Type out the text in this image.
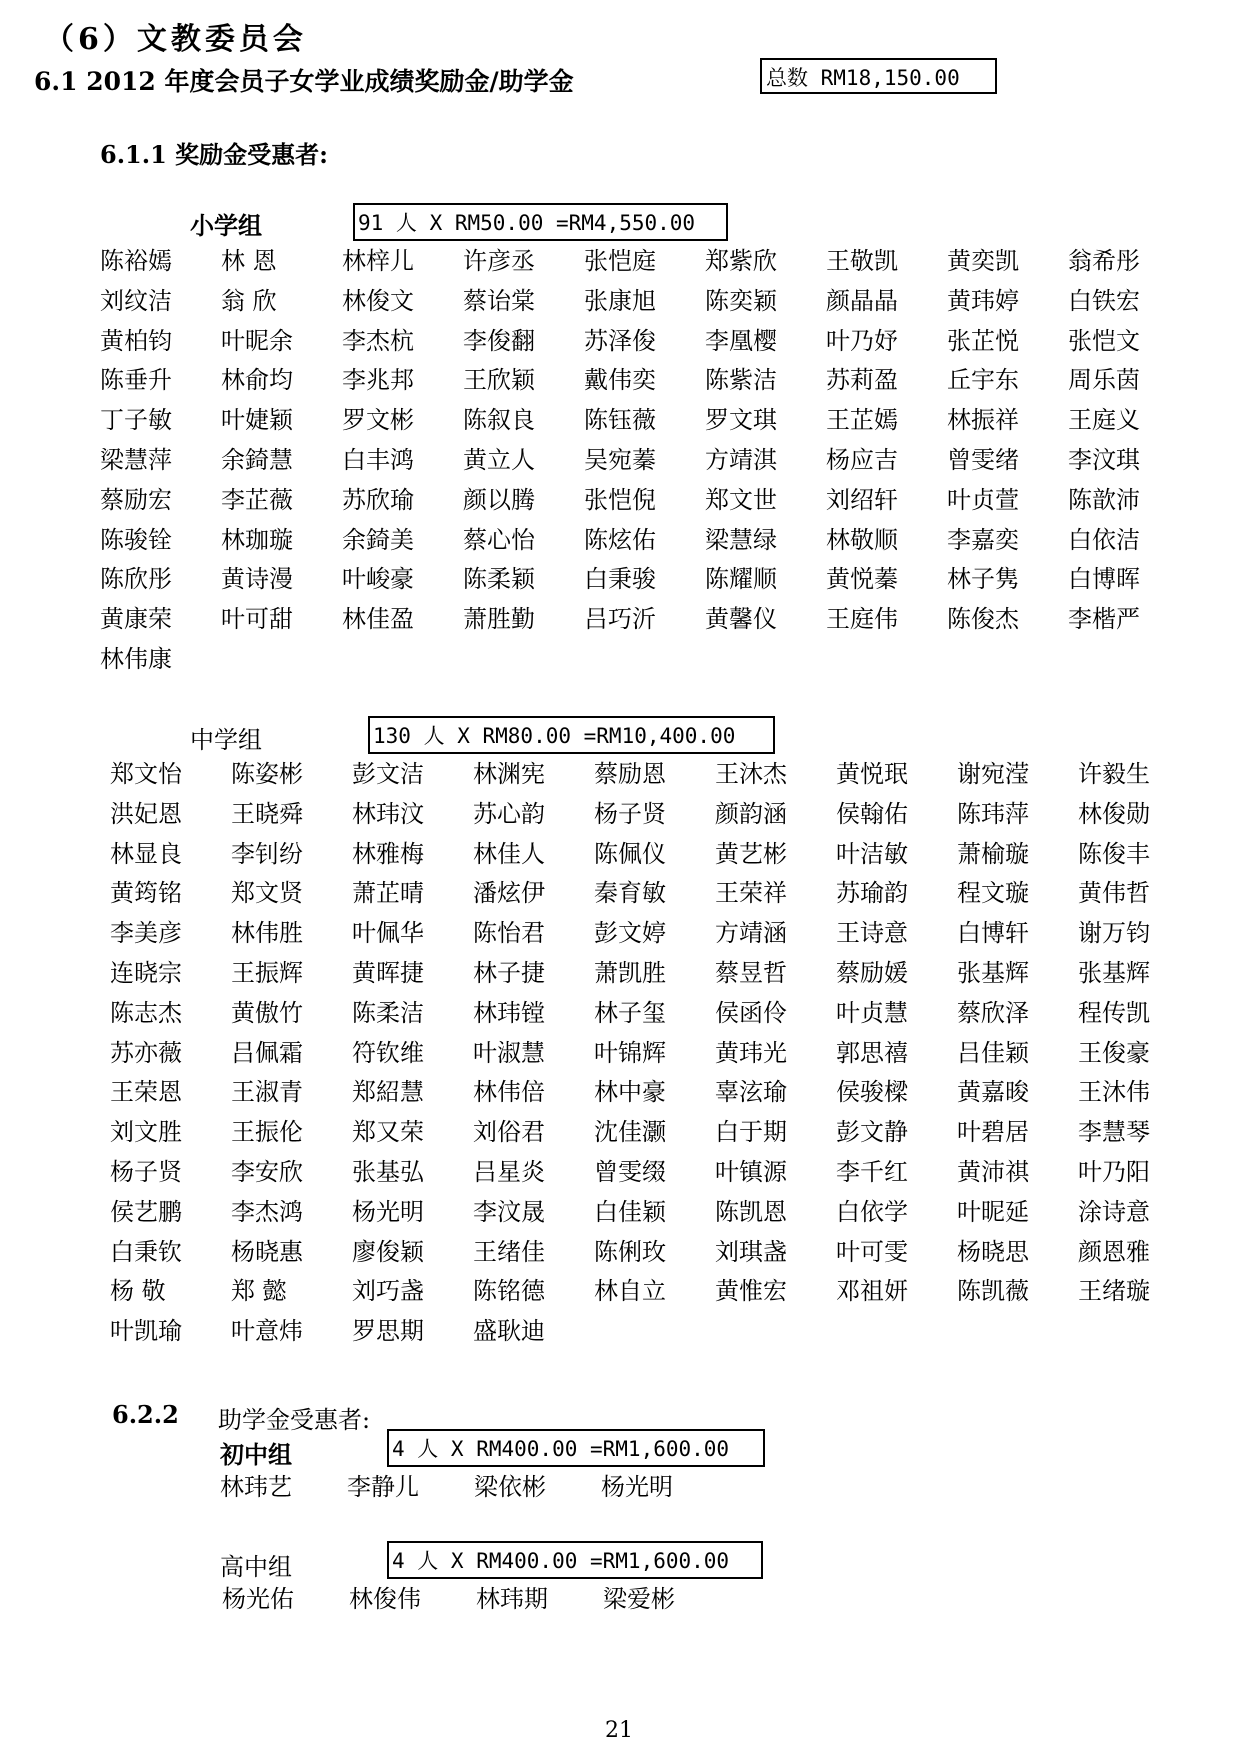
（6）文教委员会
6.1 2012 年度会员子女学业成绩奖励金/助学金	总数 RM18,150.00
6.1.1 奖励金受惠者:
小学组	91 人 X RM50.00 =RM4,550.00
陈裕嫣	林 恩	林梓儿	许彦丞	张恺庭	郑紫欣	王敬凯	黄奕凯	翁希彤
刘纹洁	翁 欣	林俊文	蔡诒棠	张康旭	陈奕颖	颜晶晶	黄玮婷	白铁宏
黄柏钧	叶昵余	李杰杭	李俊翻	苏泽俊	李凰樱	叶乃妤	张芷悦	张恺文
陈垂升	林俞均	李兆邦	王欣颖	戴伟奕	陈紫洁	苏莉盈	丘宇东	周乐茵
丁子敏	叶婕颖	罗文彬	陈叙良	陈钰薇	罗文琪	王芷嫣	林振祥	王庭义
梁慧萍	余錡慧	白丰鸿	黄立人	吴宛蓁	方靖淇	杨应吉	曾雯绪	李汶琪
蔡励宏	李芷薇	苏欣瑜	颜以腾	张恺倪	郑文世	刘绍轩	叶贞萱	陈歆沛
陈骏铨	林珈璇	余錡美	蔡心怡	陈炫佑	梁慧绿	林敬顺	李嘉奕	白依洁
陈欣彤	黄诗漫	叶峻豪	陈柔颖	白秉骏	陈耀顺	黄悦蓁	林子隽	白博晖
黄康荣	叶可甜	林佳盈	萧胜勤	吕巧沂	黄馨仪	王庭伟	陈俊杰	李楷严
林伟康
中学组	130 人 X RM80.00 =RM10,400.00
郑文怡	陈姿彬	彭文洁	林渊宪	蔡励恩	王沐杰	黄悦珉	谢宛滢	许毅生
洪妃恩	王晓舜	林玮汶	苏心韵	杨子贤	颜韵涵	侯翰佑	陈玮萍	林俊勋
林显良	李钊纷	林雅梅	林佳人	陈佩仪	黄艺彬	叶洁敏	萧榆璇	陈俊丰
黄筠铭	郑文贤	萧芷晴	潘炫伊	秦育敏	王荣祥	苏瑜韵	程文璇	黄伟哲
李美彦	林伟胜	叶佩华	陈怡君	彭文婷	方靖涵	王诗意	白博轩	谢万钧
连晓宗	王振辉	黄晖捷	林子捷	萧凯胜	蔡昱哲	蔡励媛	张基辉	张基辉
陈志杰	黄傲竹	陈柔洁	林玮镗	林子玺	侯函伶	叶贞慧	蔡欣泽	程传凯
苏亦薇	吕佩霜	符钦维	叶淑慧	叶锦辉	黄玮光	郭思禧	吕佳颖	王俊豪
王荣恩	王淑青	郑紹慧	林伟倍	林中豪	辜泫瑜	侯骏樑	黄嘉晙	王沐伟
刘文胜	王振伦	郑又荣	刘俗君	沈佳灏	白于期	彭文静	叶碧居	李慧琴
杨子贤	李安欣	张基弘	吕星炎	曾雯缀	叶镇源	李千红	黄沛祺	叶乃阳
侯艺鹏	李杰鸿	杨光明	李汶晟	白佳颖	陈凯恩	白依学	叶昵延	涂诗意
白秉钦	杨晓惠	廖俊颖	王绪佳	陈俐玫	刘琪盏	叶可雯	杨晓思	颜恩雅
杨 敬	郑 懿	刘巧盏	陈铭德	林自立	黄惟宏	邓祖妍	陈凯薇	王绪璇
叶凯瑜	叶意炜	罗思期	盛耿迪
6.2.2 助学金受惠者:
初中组	4 人 X RM400.00 =RM1,600.00
林玮艺	李静儿	梁依彬	杨光明
高中组	4 人 X RM400.00 =RM1,600.00
杨光佑	林俊伟	林玮期	梁爱彬
21
